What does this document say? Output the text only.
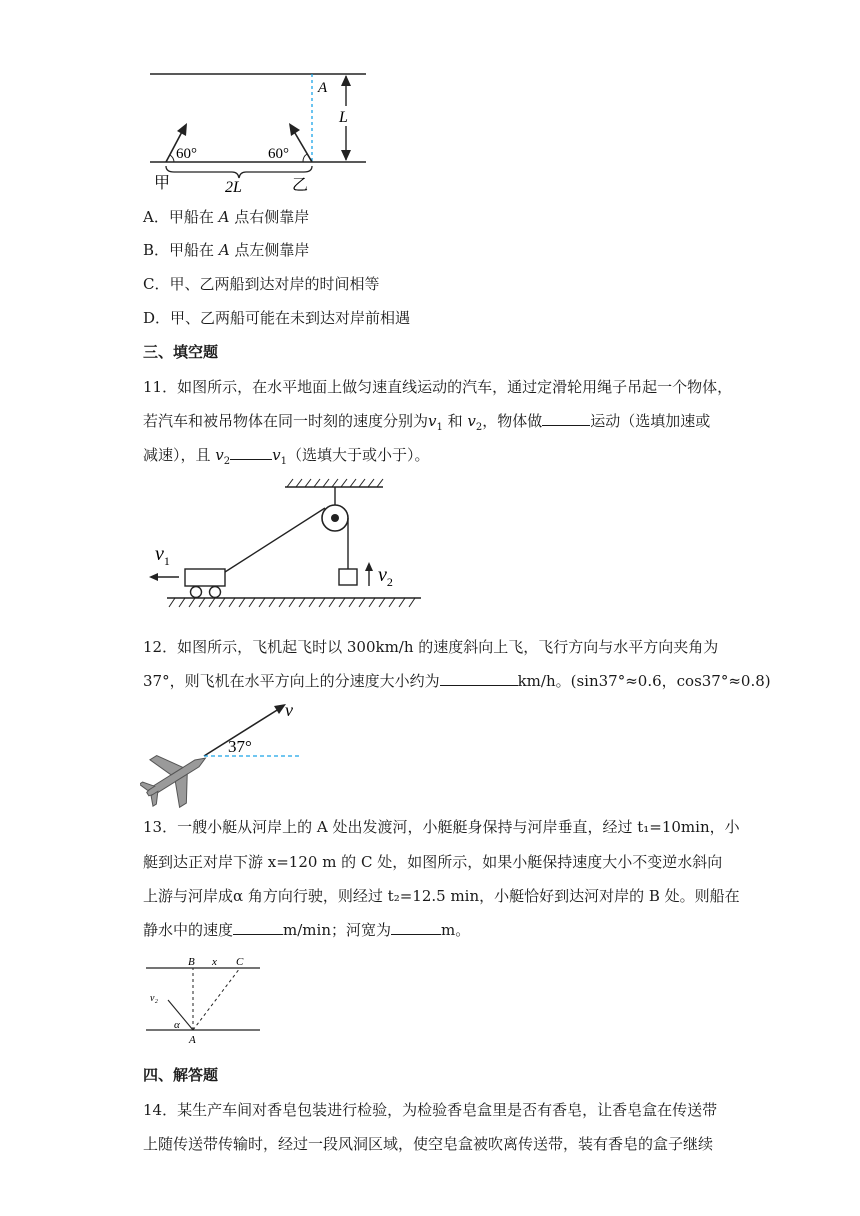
A
L
60°	60°
甲	2L	乙
A．甲船在 A 点右侧靠岸
B．甲船在 A 点左侧靠岸
C．甲、乙两船到达对岸的时间相等
D．甲、乙两船可能在未到达对岸前相遇
三、填空题
11．如图所示，在水平地面上做匀速直线运动的汽车，通过定滑轮用绳子吊起一个物体，
若汽车和被吊物体在同一时刻的速度分别为$v_1$ 和 $v_2$，物体做	运动（选填加速或
减速），且 $v_2$	$v_1$（选填大于或小于）。
$v_2$
$v_1$
12．如图所示，飞机起飞时以 300km/h 的速度斜向上飞，飞行方向与水平方向夹角为
37°，则飞机在水平方向上的分速度大小约为	km/h。(sin37°≈0.6，cos37°≈0.8)
v
37°
13．一艘小艇从河岸上的 A 处出发渡河，小艇艇身保持与河岸垂直，经过 t₁=10min，小
艇到达正对岸下游 x=120 m 的 C 处，如图所示，如果小艇保持速度大小不变逆水斜向
上游与河岸成α 角方向行驶，则经过 t₂=12.5 min，小艇恰好到达河对岸的 B 处。则船在
静水中的速度	m/min；河宽为	m。
B x C
v₂
α
A
四、解答题
14．某生产车间对香皂包装进行检验，为检验香皂盒里是否有香皂，让香皂盒在传送带
上随传送带传输时，经过一段风洞区域，使空皂盒被吹离传送带，装有香皂的盒子继续
